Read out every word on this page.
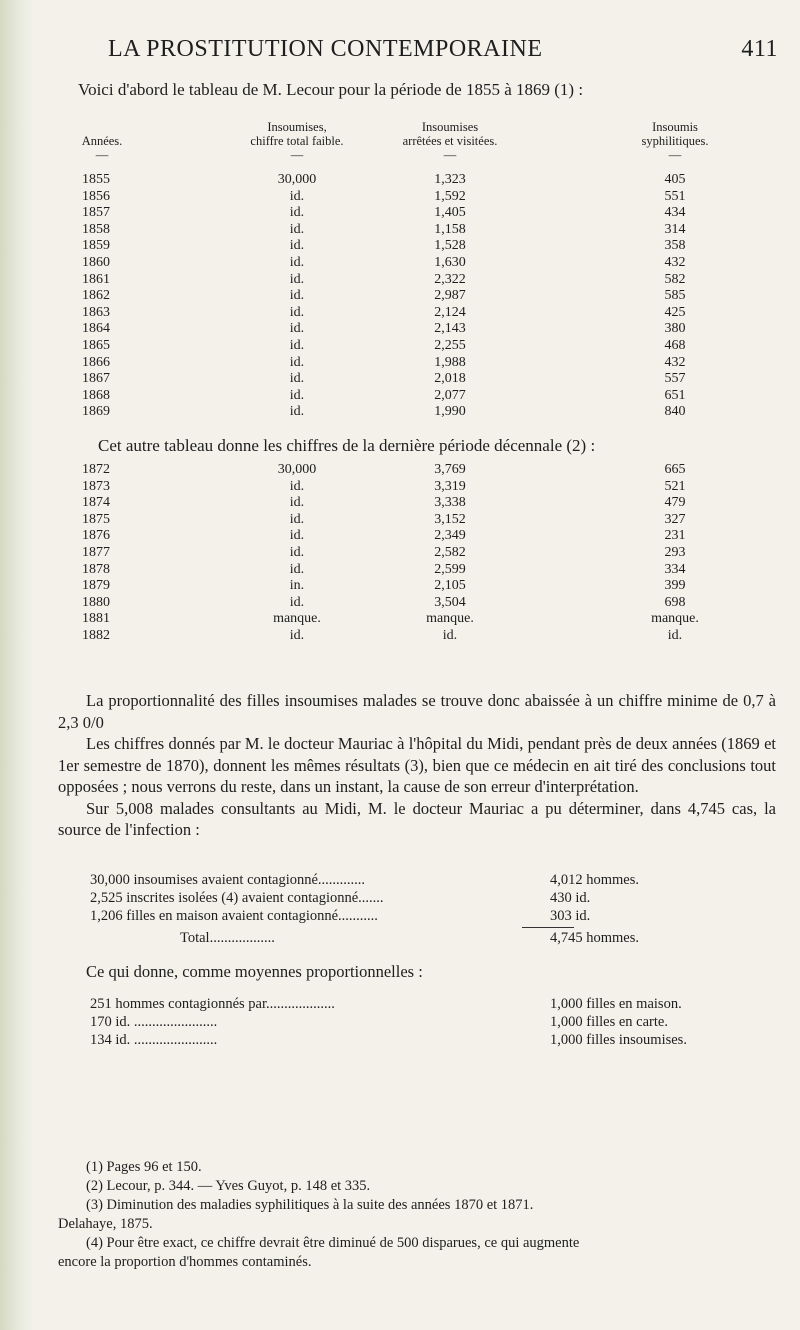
LA PROSTITUTION CONTEMPORAINE	411
Voici d'abord le tableau de M. Lecour pour la période de 1855 à 1869 (1) :
Années.
—
Insoumises,
chiffre total faible.
—
Insoumises
arrêtées et visitées.
—
Insoumis
syphilitiques.
—
1855	30,000	1,323	405
1856	id.	1,592	551
1857	id.	1,405	434
1858	id.	1,158	314
1859	id.	1,528	358
1860	id.	1,630	432
1861	id.	2,322	582
1862	id.	2,987	585
1863	id.	2,124	425
1864	id.	2,143	380
1865	id.	2,255	468
1866	id.	1,988	432
1867	id.	2,018	557
1868	id.	2,077	651
1869	id.	1,990	840
Cet autre tableau donne les chiffres de la dernière période décennale (2) :
1872	30,000	3,769	665
1873	id.	3,319	521
1874	id.	3,338	479
1875	id.	3,152	327
1876	id.	2,349	231
1877	id.	2,582	293
1878	id.	2,599	334
1879	in.	2,105	399
1880	id.	3,504	698
1881	manque.	manque.	manque.
1882	id.	id.	id.

La proportionnalité des filles insoumises malades se trouve donc abaissée à un chiffre minime de 0,7 à 2,3 0/0

Les chiffres donnés par M. le docteur Mauriac à l'hôpital du Midi, pendant près de deux années (1869 et 1er semestre de 1870), donnent les mêmes résultats (3), bien que ce médecin en ait tiré des conclusions tout opposées ; nous verrons du reste, dans un instant, la cause de son erreur d'interprétation.

Sur 5,008 malades consultants au Midi, M. le docteur Mauriac a pu déterminer, dans 4,745 cas, la source de l'infection :

30,000 insoumises avaient contagionné.............	4,012 hommes.
2,525 inscrites isolées (4) avaient contagionné.......	430 id.
1,206 filles en maison avaient contagionné...........	303 id.
Total..................	4,745 hommes.
Ce qui donne, comme moyennes proportionnelles :
251 hommes contagionnés par...................	1,000 filles en maison.
170 id. .......................	1,000 filles en carte.
134 id. .......................	1,000 filles insoumises.

(1) Pages 96 et 150.

(2) Lecour, p. 344. — Yves Guyot, p. 148 et 335.

(3) Diminution des maladies syphilitiques à la suite des années 1870 et 1871.

Delahaye, 1875.

(4) Pour être exact, ce chiffre devrait être diminué de 500 disparues, ce qui augmente

encore la proportion d'hommes contaminés.
